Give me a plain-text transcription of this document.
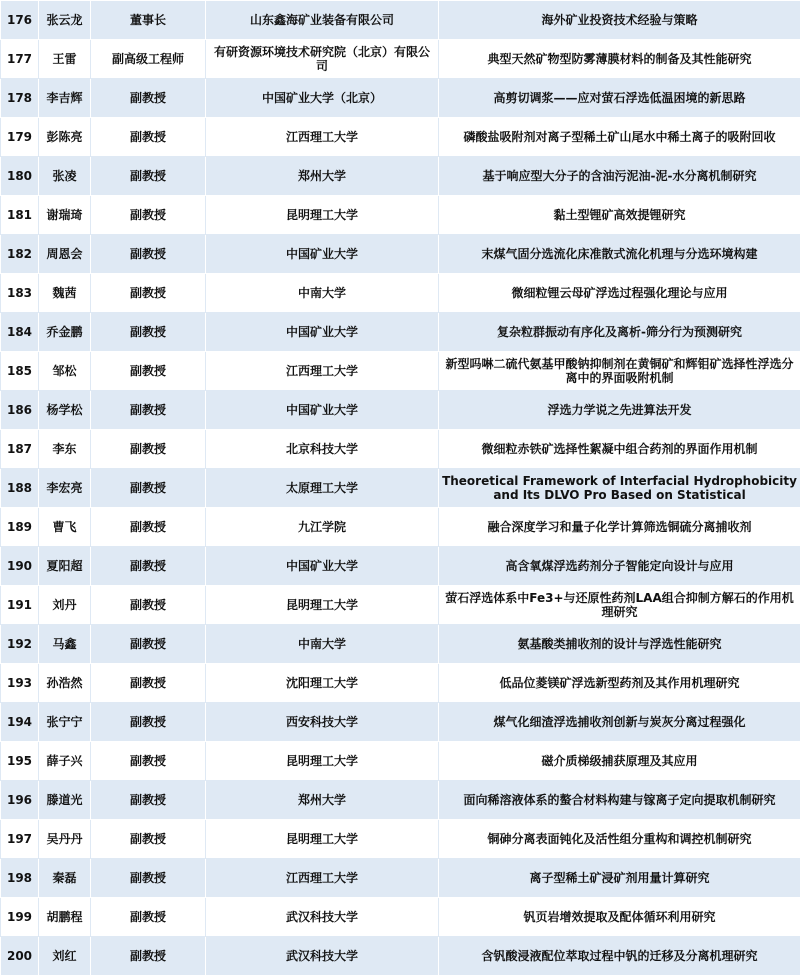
176	张云龙	董事长	山东鑫海矿业装备有限公司	海外矿业投资技术经验与策略
177	王雷	副高级工程师	有研资源环境技术研究院（北京）有限公司	典型天然矿物型防雾薄膜材料的制备及其性能研究
178	李吉辉	副教授	中国矿业大学（北京）	高剪切调浆——应对萤石浮选低温困境的新思路
179	彭陈亮	副教授	江西理工大学	磷酸盐吸附剂对离子型稀土矿山尾水中稀土离子的吸附回收
180	张凌	副教授	郑州大学	基于响应型大分子的含油污泥油-泥-水分离机制研究
181	谢瑞琦	副教授	昆明理工大学	黏土型锂矿高效提锂研究
182	周恩会	副教授	中国矿业大学	末煤气固分选流化床准散式流化机理与分选环境构建
183	魏茜	副教授	中南大学	微细粒锂云母矿浮选过程强化理论与应用
184	乔金鹏	副教授	中国矿业大学	复杂粒群振动有序化及离析-筛分行为预测研究
185	邹松	副教授	江西理工大学	新型吗啉二硫代氨基甲酸钠抑制剂在黄铜矿和辉钼矿选择性浮选分离中的界面吸附机制
186	杨学松	副教授	中国矿业大学	浮选力学说之先进算法开发
187	李东	副教授	北京科技大学	微细粒赤铁矿选择性絮凝中组合药剂的界面作用机制
188	李宏亮	副教授	太原理工大学	Theoretical Framework of Interfacial Hydrophobicity and Its DLVO Pro Based on Statistical
189	曹飞	副教授	九江学院	融合深度学习和量子化学计算筛选铜硫分离捕收剂
190	夏阳超	副教授	中国矿业大学	高含氧煤浮选药剂分子智能定向设计与应用
191	刘丹	副教授	昆明理工大学	萤石浮选体系中Fe3+与还原性药剂LAA组合抑制方解石的作用机理研究
192	马鑫	副教授	中南大学	氨基酸类捕收剂的设计与浮选性能研究
193	孙浩然	副教授	沈阳理工大学	低品位菱镁矿浮选新型药剂及其作用机理研究
194	张宁宁	副教授	西安科技大学	煤气化细渣浮选捕收剂创新与炭灰分离过程强化
195	薛子兴	副教授	昆明理工大学	磁介质梯级捕获原理及其应用
196	滕道光	副教授	郑州大学	面向稀溶液体系的螯合材料构建与镓离子定向提取机制研究
197	吴丹丹	副教授	昆明理工大学	铜砷分离表面钝化及活性组分重构和调控机制研究
198	秦磊	副教授	江西理工大学	离子型稀土矿浸矿剂用量计算研究
199	胡鹏程	副教授	武汉科技大学	钒页岩增效提取及配体循环利用研究
200	刘红	副教授	武汉科技大学	含钒酸浸液配位萃取过程中钒的迁移及分离机理研究
